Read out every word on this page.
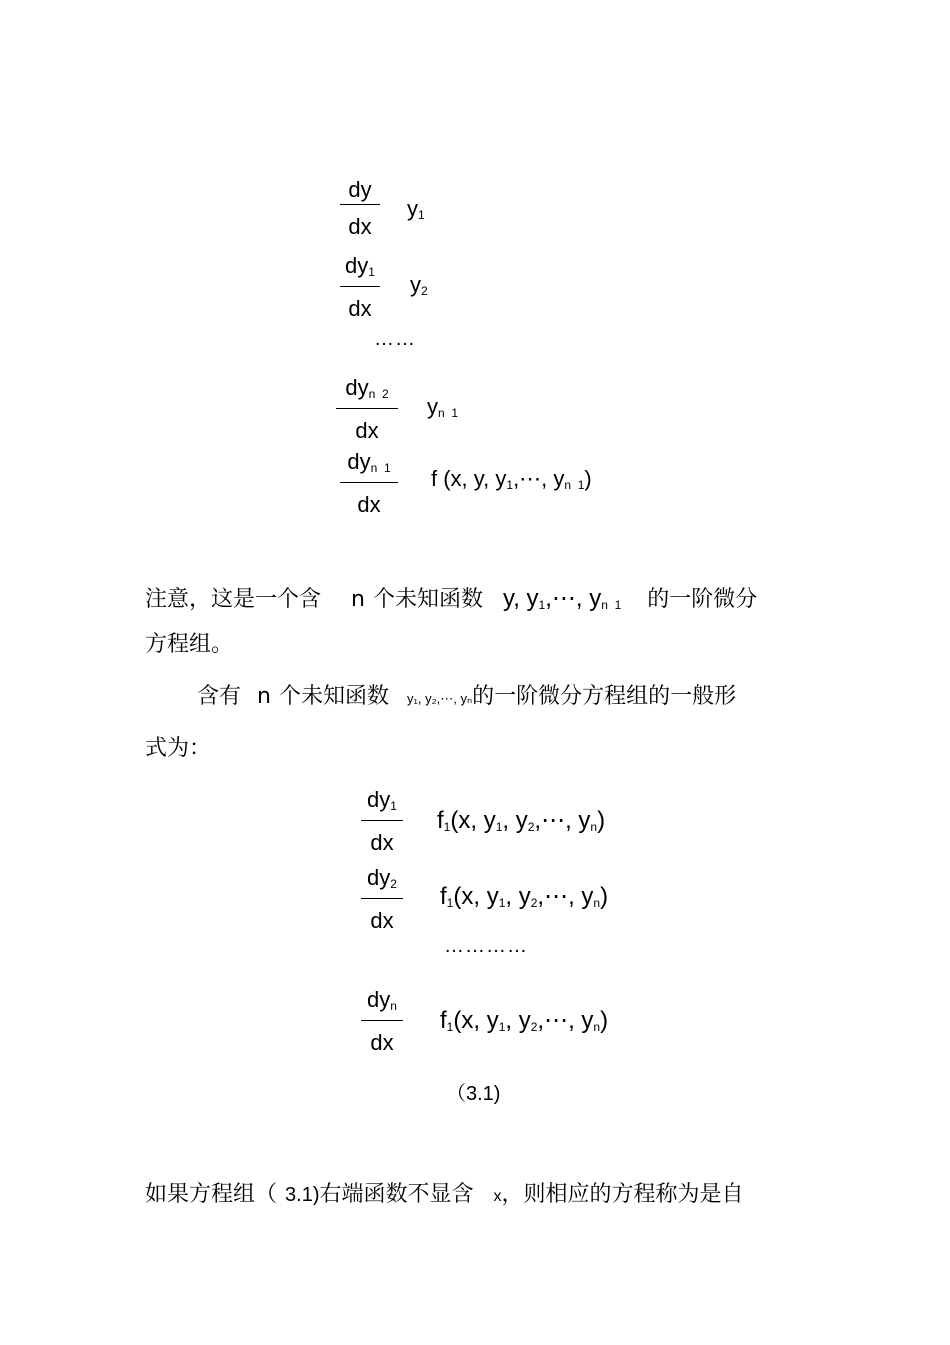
dy
dx
$y_1$
$dy_1$
dx
$y_2$
……
$dy_{n 2}$
dx
$y_{n 1}$
$dy_{n 1}$
dx
f (x, y, $y_1,\cdots$, $y_{n 1}$)
注意，这是一个含 n 个未知函数 y, $y_1,\cdots$, $y_{n 1}$ 的一阶微分
方程组。
含有 n 个未知函数 y₁, y₂,⋯, yₙ的一阶微分方程组的一般形
式为：
$dy_1$
dx
$f_1(x$, $y_1$, $y_2,\cdots$, $y_n$)
$dy_2$
dx
$f_1(x$, $y_1$, $y_2,\cdots$, $y_n$)
…………
$dy_n$
dx
$f_1(x$, $y_1$, $y_2,\cdots$, $y_n$)
（3.1)
如果方程组（ 3.1)右端函数不显含 x，则相应的方程称为是自
